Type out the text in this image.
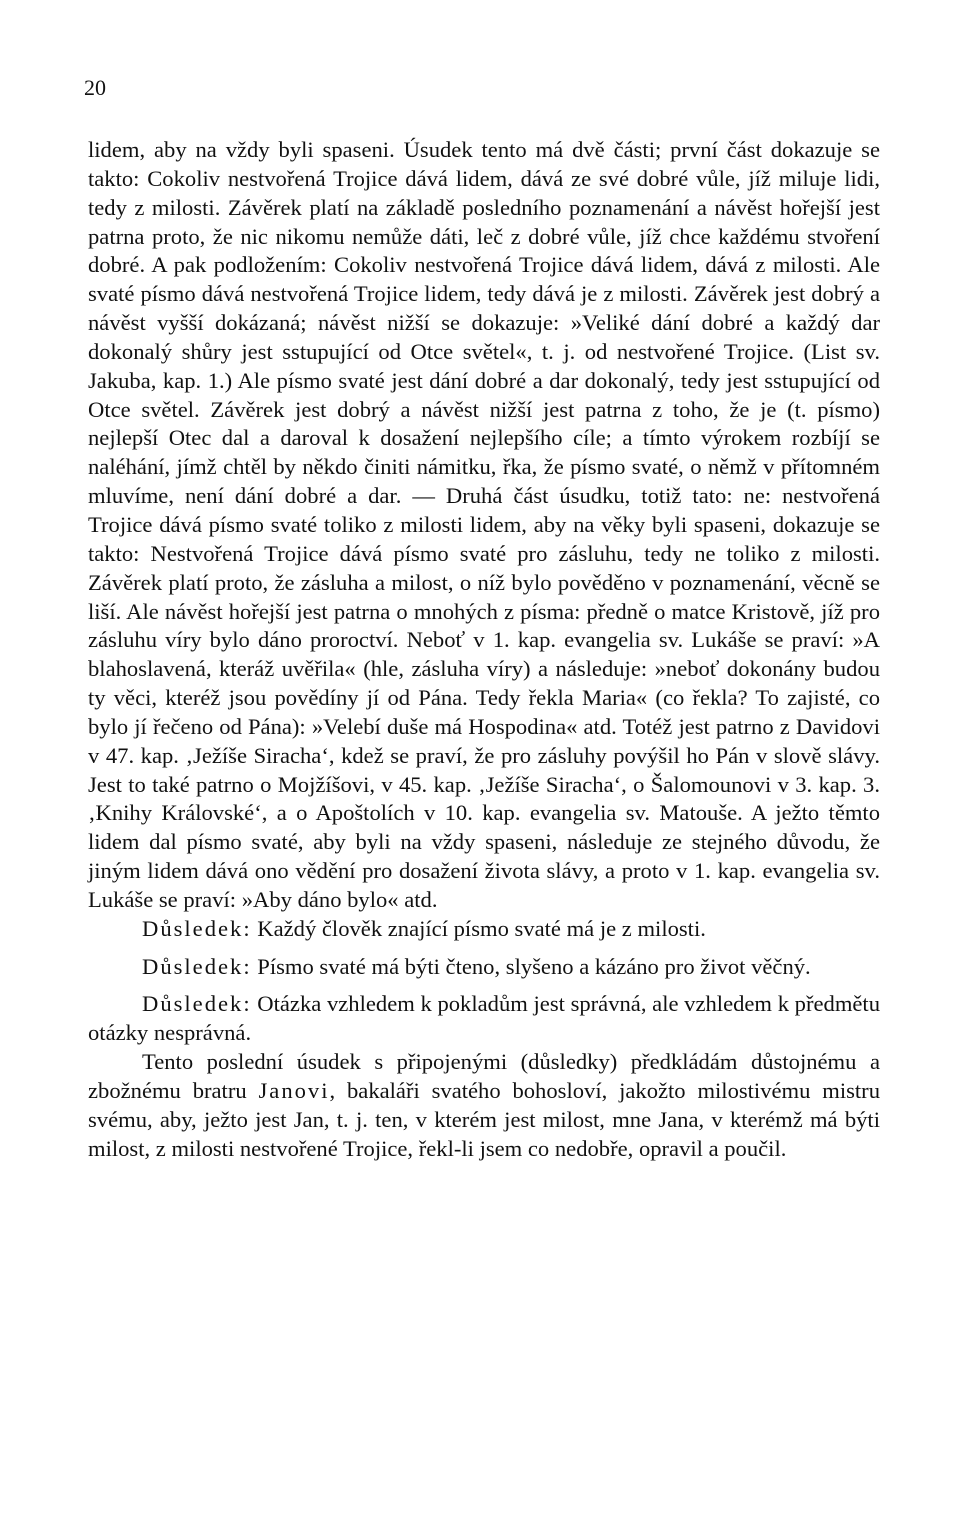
20

lidem, aby na vždy byli spaseni. Úsudek tento má dvě části; první část dokazuje se takto: Cokoliv nestvořená Trojice dává lidem, dává ze své dobré vůle, jíž miluje lidi, tedy z milosti. Závěrek platí na základě posledního poznamenání a návěst hořejší jest patrna proto, že nic nikomu nemůže dáti, leč z dobré vůle, jíž chce každému stvoření dobré. A pak podložením: Cokoliv nestvořená Trojice dává lidem, dává z milosti. Ale svaté písmo dává nestvořená Trojice lidem, tedy dává je z milosti. Závěrek jest dobrý a návěst vyšší dokázaná; návěst nižší se dokazuje: »Veliké dání dobré a každý dar dokonalý shůry jest sstupující od Otce světel«, t. j. od nestvořené Trojice. (List sv. Jakuba, kap. 1.) Ale písmo svaté jest dání dobré a dar dokonalý, tedy jest sstupující od Otce světel. Závěrek jest dobrý a návěst nižší jest patrna z toho, že je (t. písmo) nejlepší Otec dal a daroval k dosažení nejlepšího cíle; a tímto výrokem rozbíjí se naléhání, jímž chtěl by někdo činiti námitku, řka, že písmo svaté, o němž v přítomném mluvíme, není dání dobré a dar. — Druhá část úsudku, totiž tato: ne: nestvořená Trojice dává písmo svaté toliko z milosti lidem, aby na věky byli spaseni, dokazuje se takto: Nestvořená Trojice dává písmo svaté pro zásluhu, tedy ne toliko z milosti. Závěrek platí proto, že zásluha a milost, o níž bylo pověděno v poznamenání, věcně se liší. Ale návěst hořejší jest patrna o mnohých z písma: předně o matce Kristově, jíž pro zásluhu víry bylo dáno proroctví. Neboť v 1. kap. evangelia sv. Lukáše se praví: »A blahoslavená, kteráž uvěřila« (hle, zásluha víry) a následuje: »neboť dokonány budou ty věci, kteréž jsou povědíny jí od Pána. Tedy řekla Maria« (co řekla? To zajisté, co bylo jí řečeno od Pána): »Velebí duše má Hospodina« atd. Totéž jest patrno z Davidovi v 47. kap. ‚Ježíše Siracha‘, kdež se praví, že pro zásluhy povýšil ho Pán v slově slávy. Jest to také patrno o Mojžíšovi, v 45. kap. ‚Ježíše Siracha‘, o Šalomounovi v 3. kap. 3. ‚Knihy Královské‘, a o Apoštolích v 10. kap. evangelia sv. Matouše. A ježto těmto lidem dal písmo svaté, aby byli na vždy spaseni, následuje ze stejného důvodu, že jiným lidem dává ono vědění pro dosažení života slávy, a proto v 1. kap. evangelia sv. Lukáše se praví: »Aby dáno bylo« atd.

Důsledek: Každý člověk znající písmo svaté má je z milosti.

Důsledek: Písmo svaté má býti čteno, slyšeno a kázáno pro život věčný.

Důsledek: Otázka vzhledem k pokladům jest správná, ale vzhledem k předmětu otázky nesprávná.

Tento poslední úsudek s připojenými (důsledky) předkládám důstojnému a zbožnému bratru Janovi, bakaláři svatého bohosloví, jakožto milostivému mistru svému, aby, ježto jest Jan, t. j. ten, v kterém jest milost, mne Jana, v kterémž má býti milost, z milosti nestvořené Trojice, řekl-li jsem co nedobře, opravil a poučil.
